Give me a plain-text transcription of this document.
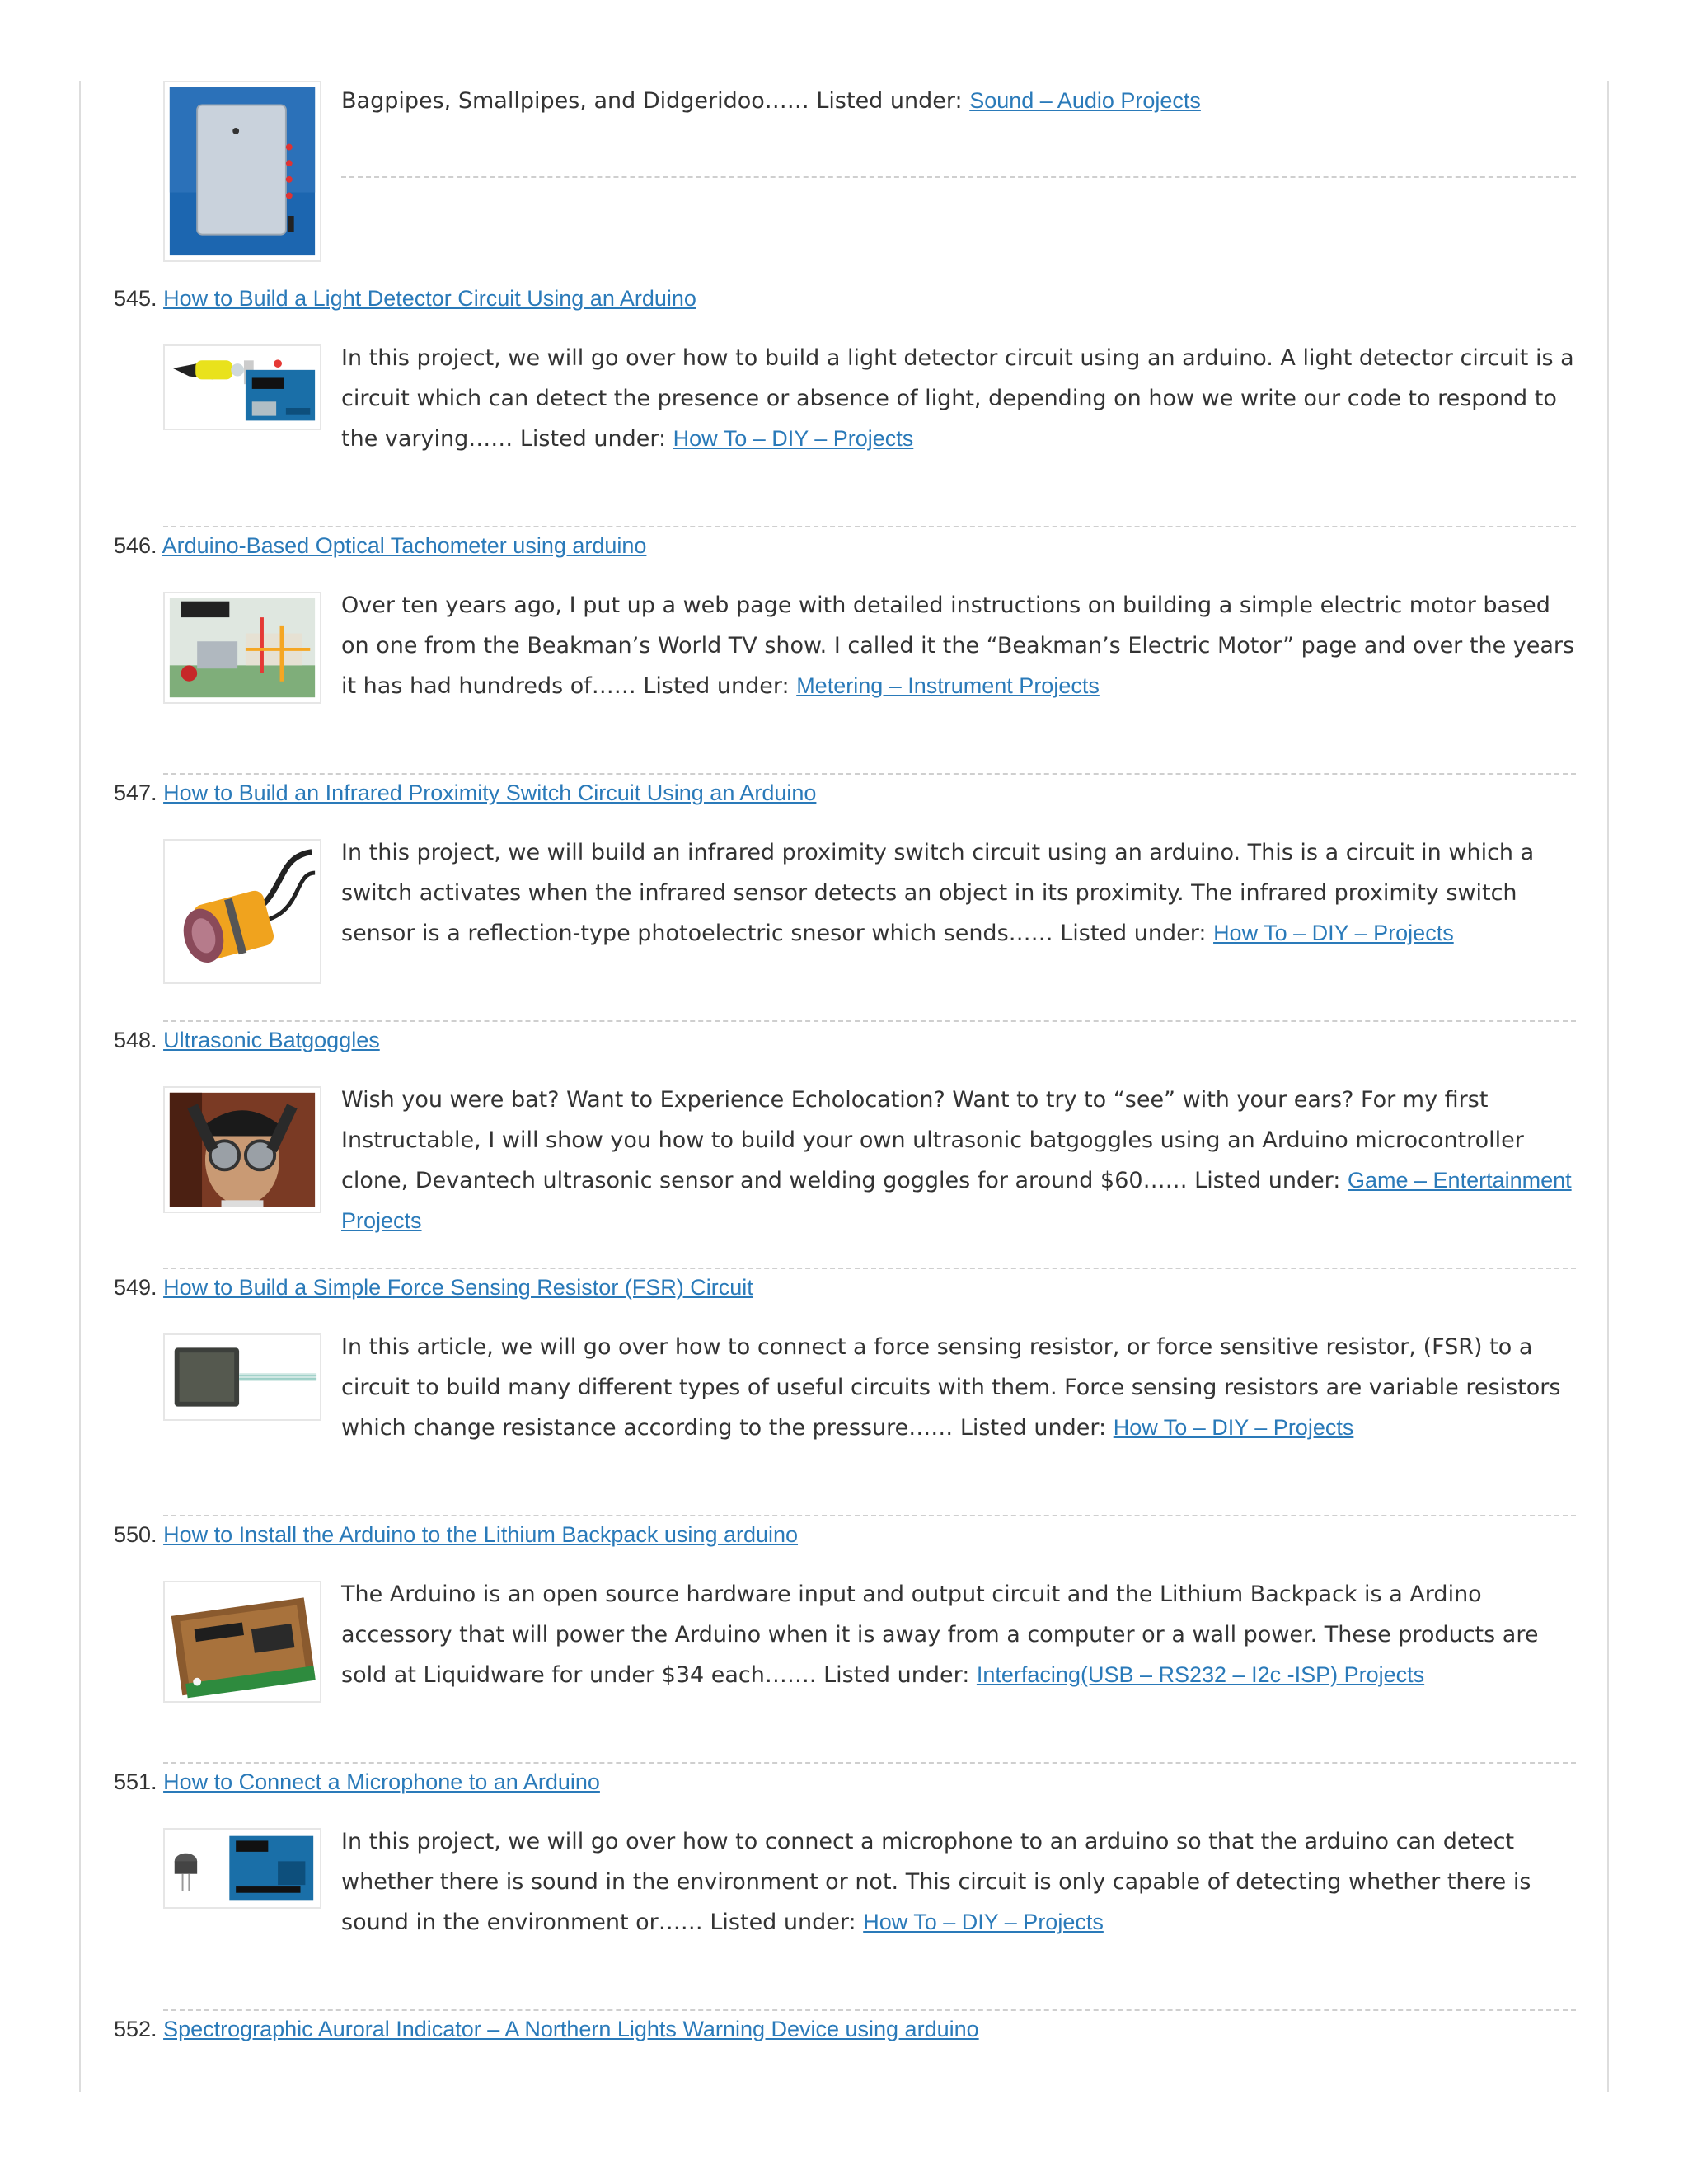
Bagpipes, Smallpipes, and Didgeridoo…… Listed under: Sound – Audio Projects
545. How to Build a Light Detector Circuit Using an Arduino
In this project, we will go over how to build a light detector circuit using an arduino. A light detector circuit is a circuit which can detect the presence or absence of light, depending on how we write our code to respond to the varying…… Listed under: How To – DIY – Projects
546. Arduino-Based Optical Tachometer using arduino
Over ten years ago, I put up a web page with detailed instructions on building a simple electric motor based on one from the Beakman’s World TV show. I called it the “Beakman’s Electric Motor” page and over the years it has had hundreds of…… Listed under: Metering – Instrument Projects
547. How to Build an Infrared Proximity Switch Circuit Using an Arduino
In this project, we will build an infrared proximity switch circuit using an arduino. This is a circuit in which a switch activates when the infrared sensor detects an object in its proximity. The infrared proximity switch sensor is a reflection-type photoelectric snesor which sends…… Listed under: How To – DIY – Projects
548. Ultrasonic Batgoggles
Wish you were bat? Want to Experience Echolocation? Want to try to “see” with your ears? For my first Instructable, I will show you how to build your own ultrasonic batgoggles using an Arduino microcontroller clone, Devantech ultrasonic sensor and welding goggles for around $60…… Listed under: Game – Entertainment Projects
549. How to Build a Simple Force Sensing Resistor (FSR) Circuit
In this article, we will go over how to connect a force sensing resistor, or force sensitive resistor, (FSR) to a circuit to build many different types of useful circuits with them. Force sensing resistors are variable resistors which change resistance according to the pressure…… Listed under: How To – DIY – Projects
550. How to Install the Arduino to the Lithium Backpack using arduino
The Arduino is an open source hardware input and output circuit and the Lithium Backpack is a Ardino accessory that will power the Arduino when it is away from a computer or a wall power. These products are sold at Liquidware for under $34 each……. Listed under: Interfacing(USB – RS232 – I2c -ISP) Projects
551. How to Connect a Microphone to an Arduino
In this project, we will go over how to connect a microphone to an arduino so that the arduino can detect whether there is sound in the environment or not. This circuit is only capable of detecting whether there is sound in the environment or…… Listed under: How To – DIY – Projects
552. Spectrographic Auroral Indicator – A Northern Lights Warning Device using arduino
